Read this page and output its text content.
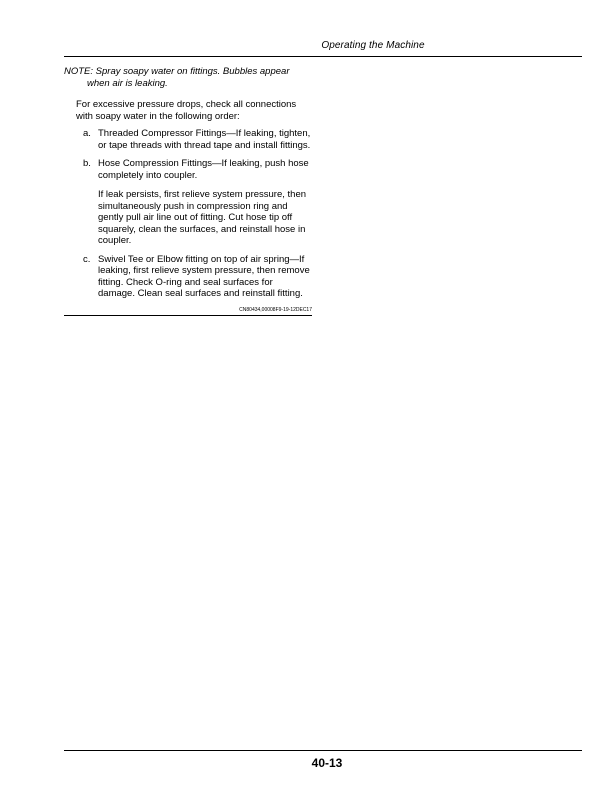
Operating the Machine

NOTE: Spray soapy water on fittings. Bubbles appear when air is leaking.

For excessive pressure drops, check all connections with soapy water in the following order:

a. Threaded Compressor Fittings—If leaking, tighten, or tape threads with thread tape and install fittings.

b. Hose Compression Fittings—If leaking, push hose completely into coupler.

If leak persists, first relieve system pressure, then simultaneously push in compression ring and gently pull air line out of fitting. Cut hose tip off squarely, clean the surfaces, and reinstall hose in coupler.

c. Swivel Tee or Elbow fitting on top of air spring—If leaking, first relieve system pressure, then remove fitting. Check O-ring and seal surfaces for damage. Clean seal surfaces and reinstall fitting.

CN80434,00008F9-19-12DEC17
40-13
